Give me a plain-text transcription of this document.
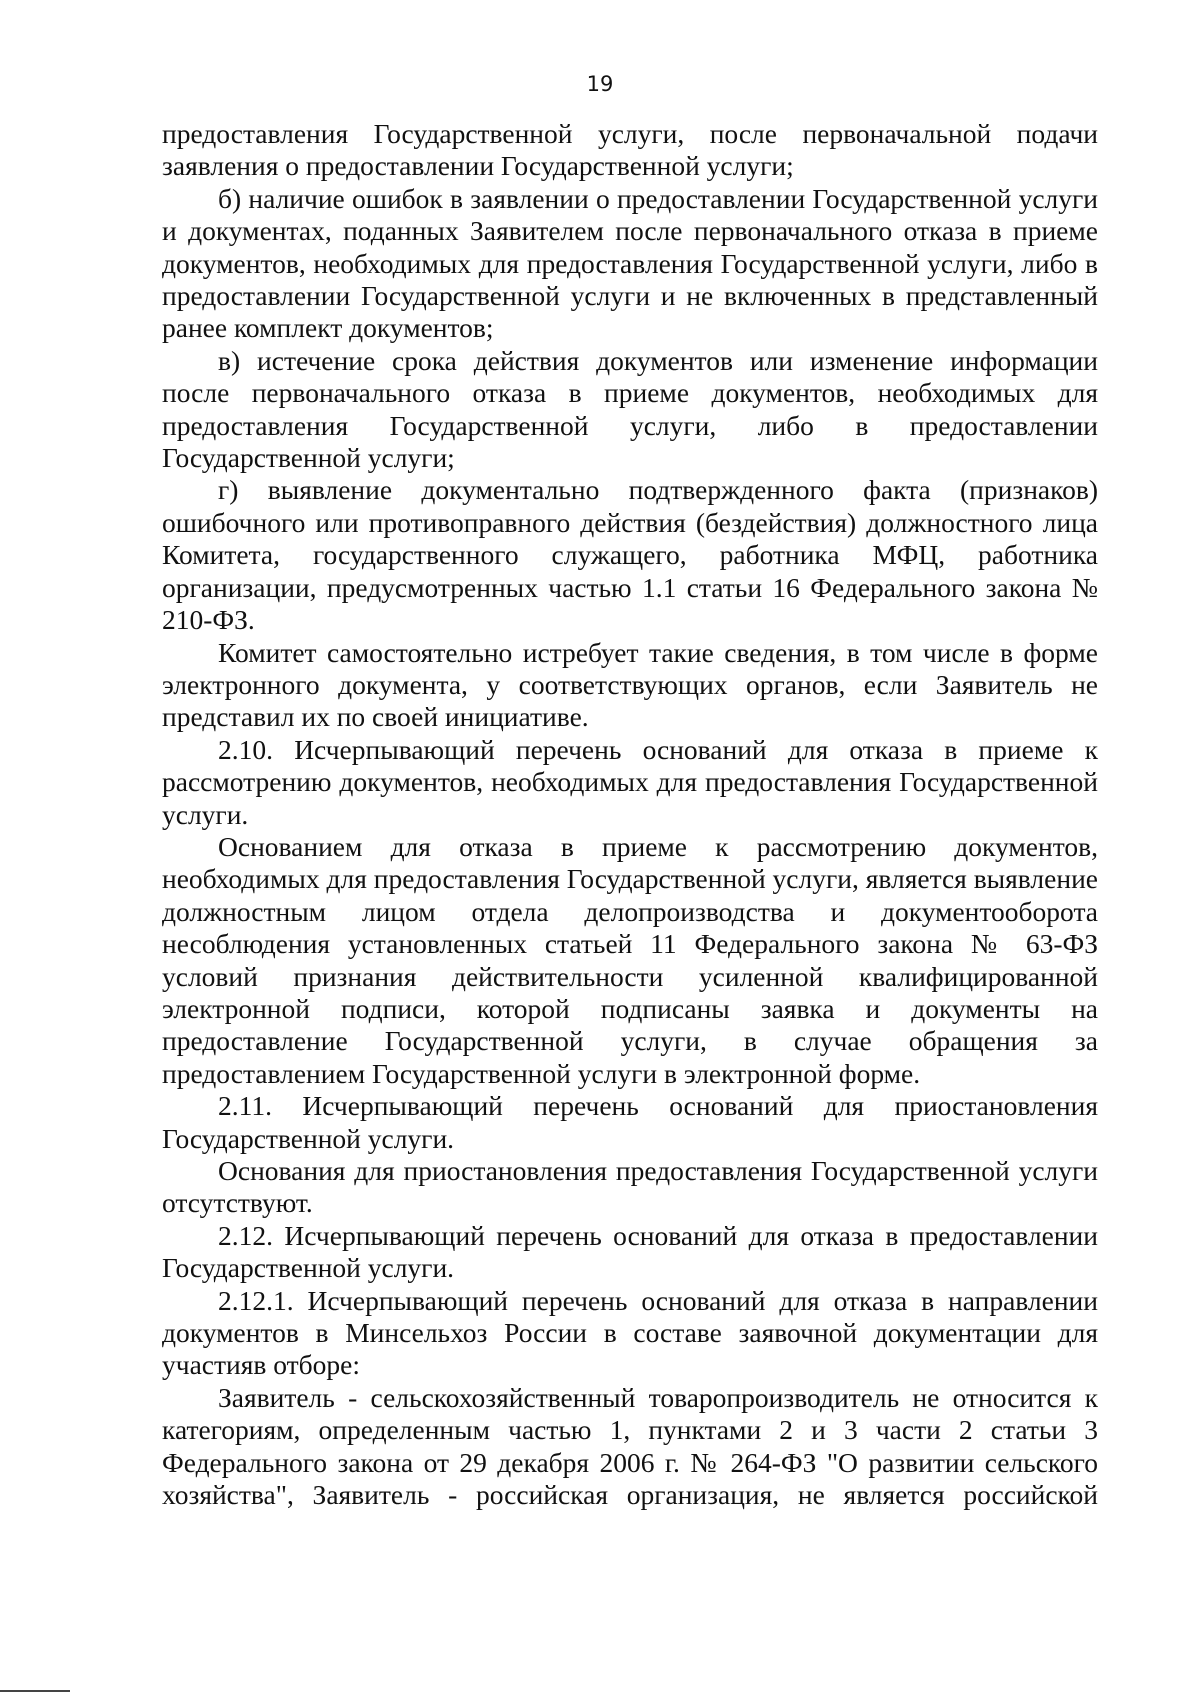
19

предоставления Государственной услуги, после первоначальной подачи заявления о предоставлении Государственной услуги;

б) наличие ошибок в заявлении о предоставлении Государственной услуги и документах, поданных Заявителем после первоначального отказа в приеме документов, необходимых для предоставления Государственной услуги, либо в предоставлении Государственной услуги и не включенных в представленный ранее комплект документов;

в) истечение срока действия документов или изменение информации после первоначального отказа в приеме документов, необходимых для предоставления Государственной услуги, либо в предоставлении Государственной услуги;

г) выявление документально подтвержденного факта (признаков) ошибочного или противоправного действия (бездействия) должностного лица Комитета, государственного служащего, работника МФЦ, работника организации, предусмотренных частью 1.1 статьи 16 Федерального закона № 210-ФЗ.

Комитет самостоятельно истребует такие сведения, в том числе в форме электронного документа, у соответствующих органов, если Заявитель не представил их по своей инициативе.

2.10. Исчерпывающий перечень оснований для отказа в приеме к рассмотрению документов, необходимых для предоставления Государственной услуги.

Основанием для отказа в приеме к рассмотрению документов, необходимых для предоставления Государственной услуги, является выявление должностным лицом отдела делопроизводства и документооборота несоблюдения установленных статьей 11 Федерального закона № 63-ФЗ условий признания действительности усиленной квалифицированной электронной подписи, которой подписаны заявка и документы на предоставление Государственной услуги, в случае обращения за предоставлением Государственной услуги в электронной форме.

2.11. Исчерпывающий перечень оснований для приостановления Государственной услуги.

Основания для приостановления предоставления Государственной услуги отсутствуют.

2.12. Исчерпывающий перечень оснований для отказа в предоставлении Государственной услуги.

2.12.1. Исчерпывающий перечень оснований для отказа в направлении документов в Минсельхоз России в составе заявочной документации для участияв отборе:

Заявитель - сельскохозяйственный товаропроизводитель не относится к категориям, определенным частью 1, пунктами 2 и 3 части 2 статьи 3 Федерального закона от 29 декабря 2006 г. № 264-ФЗ "О развитии сельского хозяйства", Заявитель - российская организация, не является российской
